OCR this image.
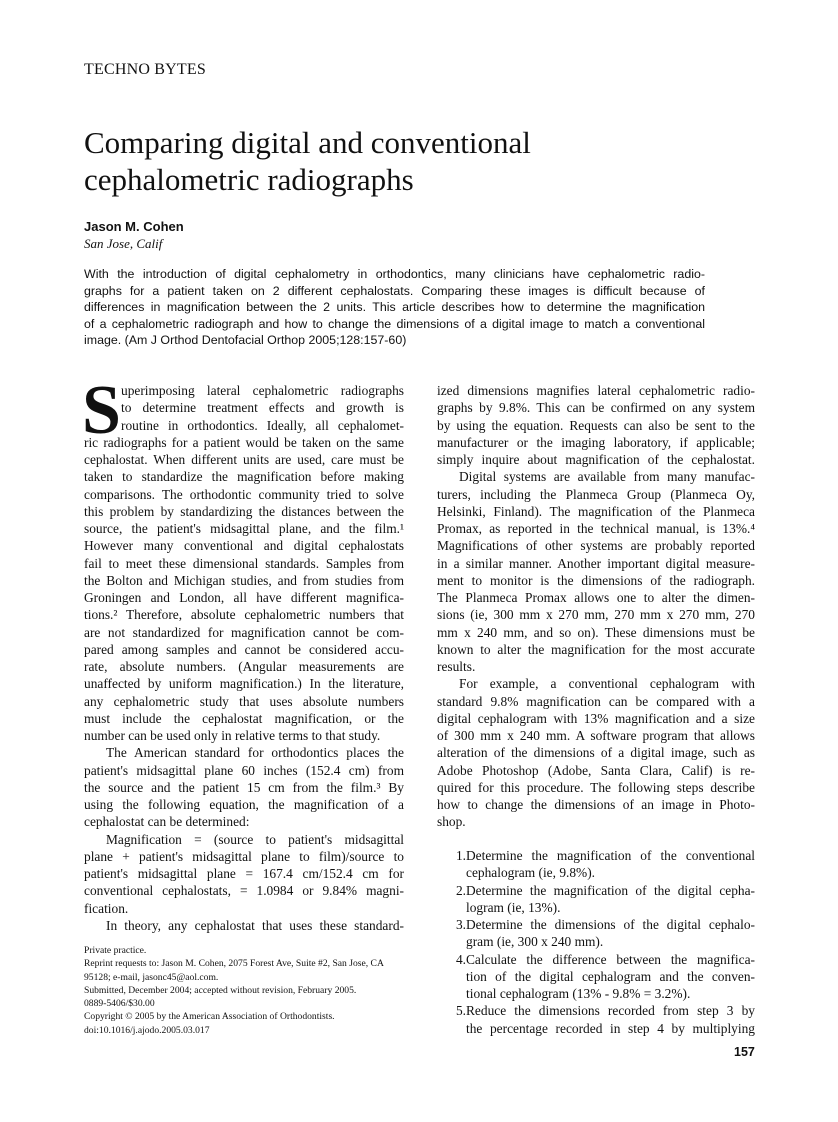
TECHNO BYTES
Comparing digital and conventional
cephalometric radiographs
Jason M. Cohen
San Jose, Calif
With the introduction of digital cephalometry in orthodontics, many clinicians have cephalometric radio-
graphs for a patient taken on 2 different cephalostats. Comparing these images is difficult because of
differences in magnification between the 2 units. This article describes how to determine the magnification
of a cephalometric radiograph and how to change the dimensions of a digital image to match a conventional
image. (Am J Orthod Dentofacial Orthop 2005;128:157-60)
S uperimposing lateral cephalometric radiographs
to determine treatment effects and growth is
routine in orthodontics. Ideally, all cephalomet-
ric radiographs for a patient would be taken on the same
cephalostat. When different units are used, care must be
taken to standardize the magnification before making
comparisons. The orthodontic community tried to solve
this problem by standardizing the distances between the
source, the patient's midsagittal plane, and the film.¹
However many conventional and digital cephalostats
fail to meet these dimensional standards. Samples from
the Bolton and Michigan studies, and from studies from
Groningen and London, all have different magnifica-
tions.² Therefore, absolute cephalometric numbers that
are not standardized for magnification cannot be com-
pared among samples and cannot be considered accu-
rate, absolute numbers. (Angular measurements are
unaffected by uniform magnification.) In the literature,
any cephalometric study that uses absolute numbers
must include the cephalostat magnification, or the
number can be used only in relative terms to that study.
The American standard for orthodontics places the
patient's midsagittal plane 60 inches (152.4 cm) from
the source and the patient 15 cm from the film.³ By
using the following equation, the magnification of a
cephalostat can be determined:
Magnification = (source to patient's midsagittal
plane + patient's midsagittal plane to film)/source to
patient's midsagittal plane = 167.4 cm/152.4 cm for
conventional cephalostats, = 1.0984 or 9.84% magni-
fication.
In theory, any cephalostat that uses these standard-
ized dimensions magnifies lateral cephalometric radio-
graphs by 9.8%. This can be confirmed on any system
by using the equation. Requests can also be sent to the
manufacturer or the imaging laboratory, if applicable;
simply inquire about magnification of the cephalostat.
Digital systems are available from many manufac-
turers, including the Planmeca Group (Planmeca Oy,
Helsinki, Finland). The magnification of the Planmeca
Promax, as reported in the technical manual, is 13%.⁴
Magnifications of other systems are probably reported
in a similar manner. Another important digital measure-
ment to monitor is the dimensions of the radiograph.
The Planmeca Promax allows one to alter the dimen-
sions (ie, 300 mm x 270 mm, 270 mm x 270 mm, 270
mm x 240 mm, and so on). These dimensions must be
known to alter the magnification for the most accurate
results.
For example, a conventional cephalogram with
standard 9.8% magnification can be compared with a
digital cephalogram with 13% magnification and a size
of 300 mm x 240 mm. A software program that allows
alteration of the dimensions of a digital image, such as
Adobe Photoshop (Adobe, Santa Clara, Calif) is re-
quired for this procedure. The following steps describe
how to change the dimensions of an image in Photo-
shop.
1. Determine the magnification of the conventional
cephalogram (ie, 9.8%).
2. Determine the magnification of the digital cepha-
logram (ie, 13%).
3. Determine the dimensions of the digital cephalo-
gram (ie, 300 x 240 mm).
4. Calculate the difference between the magnifica-
tion of the digital cephalogram and the conven-
tional cephalogram (13% - 9.8% = 3.2%).
5. Reduce the dimensions recorded from step 3 by
the percentage recorded in step 4 by multiplying
Private practice.
Reprint requests to: Jason M. Cohen, 2075 Forest Ave, Suite #2, San Jose, CA
95128; e-mail, jasonc45@aol.com.
Submitted, December 2004; accepted without revision, February 2005.
0889-5406/$30.00
Copyright © 2005 by the American Association of Orthodontists.
doi:10.1016/j.ajodo.2005.03.017
157
